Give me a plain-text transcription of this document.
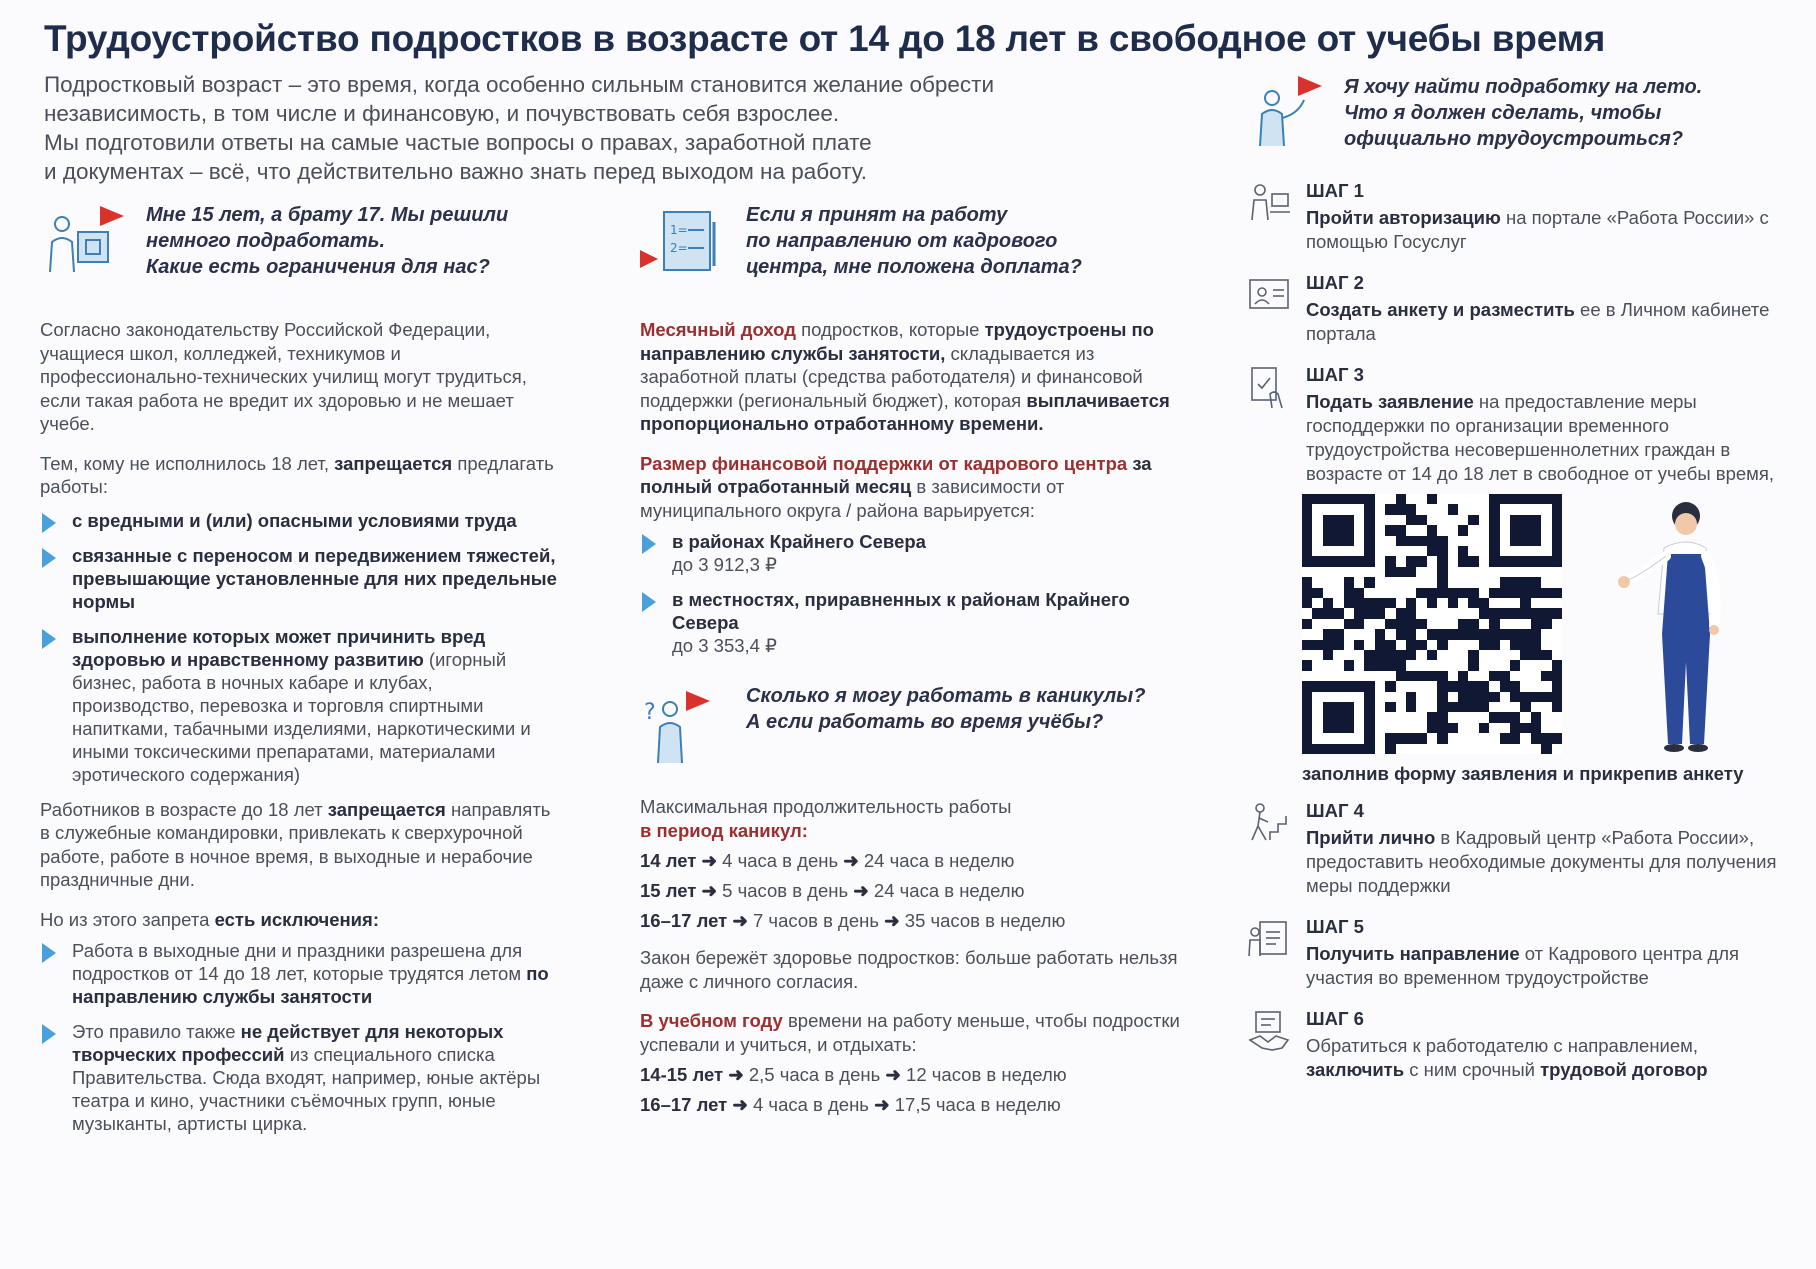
Трудоустройство подростков в возрасте от 14 до 18 лет в свободное от учебы время

Подростковый возраст – это время, когда особенно сильным становится желание обрести

независимость, в том числе и финансовую, и почувствовать себя взрослее.

Мы подготовили ответы на самые частые вопросы о правах, заработной плате

и документах – всё, что действительно важно знать перед выходом на работу.

Мне 15 лет, а брату 17. Мы решили
немного подработать.
Какие есть ограничения для нас?
Согласно законодательству Российской Федерации, учащиеся школ, колледжей, техникумов и профессионально-технических училищ могут трудиться, если такая работа не вредит их здоровью и не мешает учебе.
Тем, кому не исполнилось 18 лет, запрещается предлагать работы:
с вредными и (или) опасными условиями труда
связанные с переносом и передвижением тяжестей, превышающие установленные для них предельные нормы
выполнение которых может причинить вред здоровью и нравственному развитию (игорный бизнес, работа в ночных кабаре и клубах, производство, перевозка и торговля спиртными напитками, табачными изделиями, наркотическими и иными токсическими препаратами, материалами эротического содержания)
Работников в возрасте до 18 лет запрещается направлять в служебные командировки, привлекать к сверхурочной работе, работе в ночное время, в выходные и нерабочие праздничные дни.
Но из этого запрета есть исключения:
Работа в выходные дни и праздники разрешена для подростков от 14 до 18 лет, которые трудятся летом по направлению службы занятости
Это правило также не действует для некоторых творческих профессий из специального списка Правительства. Сюда входят, например, юные актёры театра и кино, участники съёмочных групп, юные музыканты, артисты цирка.
1=
2=
Если я принят на работу
по направлению от кадрового
центра, мне положена доплата?
Месячный доход подростков, которые трудоустроены по направлению службы занятости, складывается из заработной платы (средства работодателя) и финансовой поддержки (региональный бюджет), которая выплачивается пропорционально отработанному времени.
Размер финансовой поддержки от кадрового центра за полный отработанный месяц в зависимости от муниципального округа / района варьируется:
в районах Крайнего Севера
до 3 912,3 ₽
в местностях, приравненных к районам Крайнего Севера
до 3 353,4 ₽
?
Сколько я могу работать в каникулы?
А если работать во время учёбы?
Максимальная продолжительность работы
в период каникул:
14 лет ➜ 4 часа в день ➜ 24 часа в неделю
15 лет ➜ 5 часов в день ➜ 24 часа в неделю
16–17 лет ➜ 7 часов в день ➜ 35 часов в неделю
Закон бережёт здоровье подростков: больше работать нельзя даже с личного согласия.
В учебном году времени на работу меньше, чтобы подростки успевали и учиться, и отдыхать:
14-15 лет ➜ 2,5 часа в день ➜ 12 часов в неделю
16–17 лет ➜ 4 часа в день ➜ 17,5 часа в неделю
Я хочу найти подработку на лето.
Что я должен сделать, чтобы
официально трудоустроиться?
ШАГ 1
Пройти авторизацию на портале «Работа России» с помощью Госуслуг
ШАГ 2
Создать анкету и разместить ее в Личном кабинете портала
ШАГ 3
Подать заявление на предоставление меры господдержки по организации временного трудоустройства несовершеннолетних граждан в возрасте от 14 до 18 лет в свободное от учебы время,
заполнив форму заявления и прикрепив анкету
ШАГ 4
Прийти лично в Кадровый центр «Работа России», предоставить необходимые документы для получения меры поддержки
ШАГ 5
Получить направление от Кадрового центра для участия во временном трудоустройстве
ШАГ 6
Обратиться к работодателю с направлением, заключить с ним срочный трудовой договор
